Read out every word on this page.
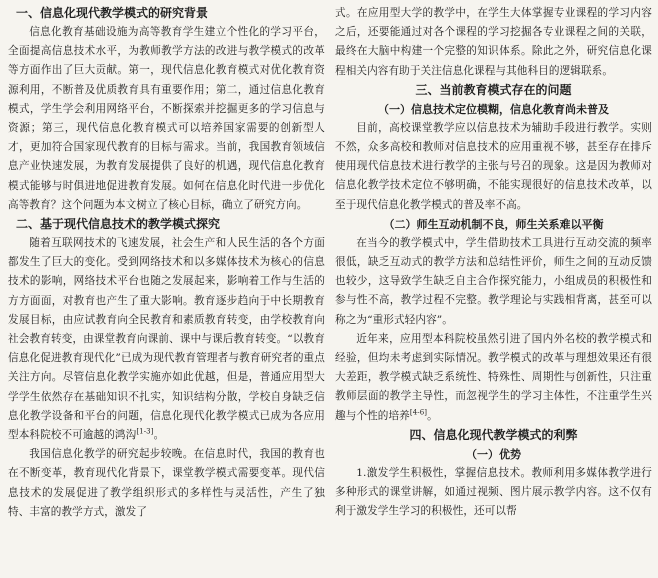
一、信息化现代教学模式的研究背景

信息化教育基础设施为高等教育学生建立个性化的学习平台，全面提高信息技术水平，为教师教学方法的改进与教学模式的改革等方面作出了巨大贡献。第一，现代信息化教育模式对优化教育资源利用，不断普及优质教育具有重要作用；第二，通过信息化教育模式，学生学会利用网络平台，不断探索并挖掘更多的学习信息与资源；第三，现代信息化教育模式可以培养国家需要的创新型人才，更加符合国家现代教育的目标与需求。当前，我国教育领域信息产业快速发展，为教育发展提供了良好的机遇，现代信息化教育模式能够与时俱进地促进教育发展。如何在信息化时代进一步优化高等教育？这个问题为本文树立了核心目标，确立了研究方向。

二、基于现代信息技术的教学模式探究

随着互联网技术的飞速发展，社会生产和人民生活的各个方面都发生了巨大的变化。受到网络技术和以多媒体技术为核心的信息技术的影响，网络技术平台也随之发展起来，影响着工作与生活的方方面面，对教育也产生了重大影响。教育逐步趋向于中长期教育发展目标，由应试教育向全民教育和素质教育转变，由学校教育向社会教育转变，由课堂教育向课前、课中与课后教育转变。“以教育信息化促进教育现代化”已成为现代教育管理者与教育研究者的重点关注方向。尽管信息化教学实施亦如此优越，但是，普通应用型大学学生依然存在基础知识不扎实，知识结构分散，学校自身缺乏信息化教学设备和平台的问题，信息化现代化教学模式已成为各应用型本科院校不可逾越的鸿沟[1-3]。

我国信息化教学的研究起步较晚。在信息时代，我国的教育也在不断变革，教育现代化背景下，课堂教学模式需要变革。现代信息技术的发展促进了教学组织形式的多样性与灵活性，产生了独特、丰富的教学方式，激发了

式。在应用型大学的教学中，在学生大体掌握专业课程的学习内容之后，还要能通过对各个课程的学习挖掘各专业课程之间的关联，最终在大脑中构建一个完整的知识体系。除此之外，研究信息化课程相关内容有助于关注信息化课程与其他科目的逻辑联系。

三、当前教育模式存在的问题
（一）信息技术定位模糊，信息化教育尚未普及

目前，高校课堂教学应以信息技术为辅助手段进行教学。实则不然，众多高校和教师对信息技术的应用重视不够，甚至存在排斥使用现代信息技术进行教学的主张与号召的现象。这是因为教师对信息化教学技术定位不够明确，不能实现很好的信息技术改革，以至于现代信息化教学模式的普及率不高。

（二）师生互动机制不良，师生关系难以平衡

在当今的教学模式中，学生借助技术工具进行互动交流的频率很低，缺乏互动式的教学方法和总结性评价，师生之间的互动反馈也较少，这导致学生缺乏自主合作探究能力，小组成员的积极性和参与性不高，教学过程不完整。教学理论与实践相背离，甚至可以称之为“重形式轻内容”。

近年来，应用型本科院校虽然引进了国内外名校的教学模式和经验，但均未考虑到实际情况。教学模式的改革与理想效果还有很大差距，教学模式缺乏系统性、特殊性、周期性与创新性，只注重教师层面的教学主导性，而忽视学生的学习主体性，不注重学生兴趣与个性的培养[4-6]。

四、信息化现代教学模式的利弊
（一）优势

1.激发学生积极性，掌握信息技术。教师利用多媒体教学进行多种形式的课堂讲解，如通过视频、图片展示教学内容。这不仅有利于激发学生学习的积极性，还可以帮
